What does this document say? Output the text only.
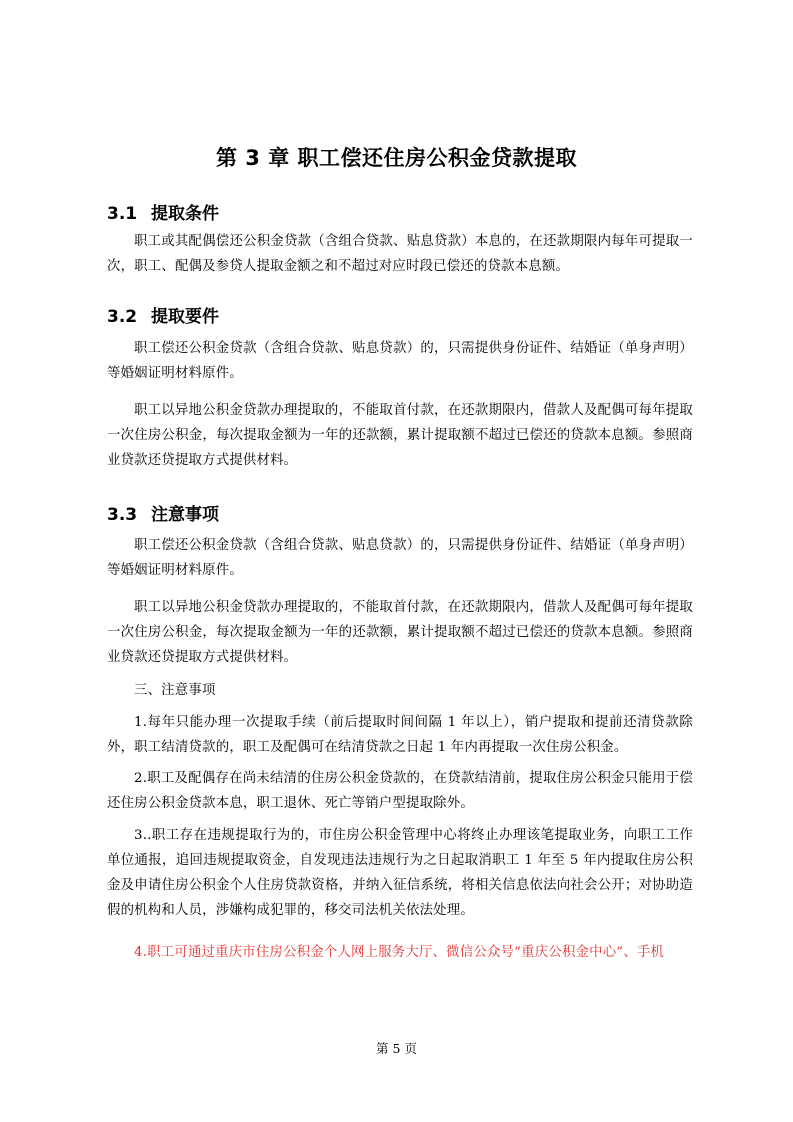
第 3 章 职工偿还住房公积金贷款提取
3.1 提取条件
职工或其配偶偿还公积金贷款（含组合贷款、贴息贷款）本息的，在还款期限内每年可提取一次，职工、配偶及参贷人提取金额之和不超过对应时段已偿还的贷款本息额。
3.2 提取要件
职工偿还公积金贷款（含组合贷款、贴息贷款）的，只需提供身份证件、结婚证（单身声明）等婚姻证明材料原件。
职工以异地公积金贷款办理提取的，不能取首付款，在还款期限内，借款人及配偶可每年提取一次住房公积金，每次提取金额为一年的还款额，累计提取额不超过已偿还的贷款本息额。参照商业贷款还贷提取方式提供材料。
3.3 注意事项
职工偿还公积金贷款（含组合贷款、贴息贷款）的，只需提供身份证件、结婚证（单身声明）等婚姻证明材料原件。
职工以异地公积金贷款办理提取的，不能取首付款，在还款期限内，借款人及配偶可每年提取一次住房公积金，每次提取金额为一年的还款额，累计提取额不超过已偿还的贷款本息额。参照商业贷款还贷提取方式提供材料。
三、注意事项
1.每年只能办理一次提取手续（前后提取时间间隔 1 年以上），销户提取和提前还清贷款除外，职工结清贷款的，职工及配偶可在结清贷款之日起 1 年内再提取一次住房公积金。
2.职工及配偶存在尚未结清的住房公积金贷款的，在贷款结清前，提取住房公积金只能用于偿还住房公积金贷款本息，职工退休、死亡等销户型提取除外。
3..职工存在违规提取行为的，市住房公积金管理中心将终止办理该笔提取业务，向职工工作单位通报，追回违规提取资金，自发现违法违规行为之日起取消职工 1 年至 5 年内提取住房公积金及申请住房公积金个人住房贷款资格，并纳入征信系统，将相关信息依法向社会公开；对协助造假的机构和人员，涉嫌构成犯罪的，移交司法机关依法处理。
4.职工可通过重庆市住房公积金个人网上服务大厅、微信公众号“重庆公积金中心”、手机
第 5 页
